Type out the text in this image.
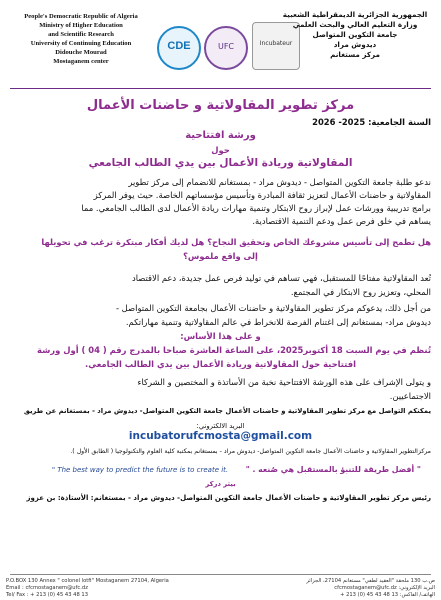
People's Democratic Republic of Algeria
Ministry of Higher Education
and Scientific Research
University of Continuing Education
Didouche Mourad
Mostaganem center
CDE	UFC	Incubateur
الجمهورية الجزائرية الديمقراطية الشعبية
وزارة التعليم العالي والبحث العلمي
جامعة التكوين المتواصل
ديدوش مراد
مركز مستغانم
مركز تطوير المقاولاتية و حاضنات الأعمال
السنة الجامعية: 2025- 2026
ورشة افتتاحية
حول
المقاولاتية وريادة الأعمال بين يدي الطالب الجامعي
ندعو طلبة جامعة التكوين المتواصل - ديدوش مراد - بمستغانم للانضمام إلى مركز تطوير
المقاولاتية و حاضنات الأعمال لتعزيز ثقافة المبادرة وتأسيس مؤسساتهم الخاصة. حيث يوفر المركز
برامج تدريبية وورشات عمل لإبراز روح الابتكار وتنمية مهارات ريادة الأعمال لدى الطالب الجامعي. مما
يساهم في خلق فرص عمل ودعم التنمية الاقتصادية.
هل تطمح إلى تأسيس مشروعك الخاص وتحقيق النجاح؟ هل لديك أفكار مبتكرة ترغب في تحويلها
إلى واقع ملموس؟
تُعد المقاولاتية مفتاحًا للمستقبل، فهي تساهم في توليد فرص عمل جديدة، دعم الاقتصاد
المحلي، وتعزيز روح الابتكار في المجتمع.
من أجل ذلك، يدعوكم مركز تطوير المقاولاتية و حاضنات الأعمال بجامعة التكوين المتواصل -
ديدوش مراد- بمستغانم إلى اغتنام الفرصة للانخراط في عالم المقاولاتية وتنمية مهاراتكم.
و على هذا الأساس:
تُنظم في يوم السبت 18 أكتوبر2025، على الساعة العاشرة صباحا بالمدرج رقم ( 04 ) أول ورشة
افتتاحية حول المقاولاتية وريادة الأعمال بين يدي الطالب الجامعي.
و يتولى الإشراف على هذه الورشة الافتتاحية نخبة من الأساتذة و المختصين و الشركاء
الاجتماعيين.
يمكنكم التواصل مع مركز تطوير المقاولاتية و حاضنات الأعمال جامعة التكوين المتواصل- ديدوش مراد - بمستغانم عن طريق
البريد الالكتروني:
incubatorufcmosta@gmail.com
مركزالتطوير المقاولاتية و حاضنات الأعمال جامعة التكوين المتواصل- ديدوش مراد - بمستغانم بمكتبة كلية العلوم والتكنولوجيا ( الطابق الأول ).
" The best way to predict the future is to create it.	" أفضل طريقة للتنبؤ بالمستقبل هي صُنعه . "
بيتر دركر
رئيس مركز تطوير المقاولاتية و حاضنات الأعمال جامعة التكوين المتواصل- ديدوش مراد - بمستغانم: الأستاذة: بن عزوز
P.O.BOX 130 Annex " colonel lotfi" Mostaganem 27104, Algeria
Email : cfcmostaganem@ufc.dz
Tel/ Fax : + 213 (0) 45 43 48 13
ص.ب 130 ملحقة "العقيد لطفي" مستغانم 27104، الجزائر
البريد الإلكتروني: cfcmostaganem@ufc.dz
الهاتف/ الفاكس: 13 48 43 45 (0) 213 +
